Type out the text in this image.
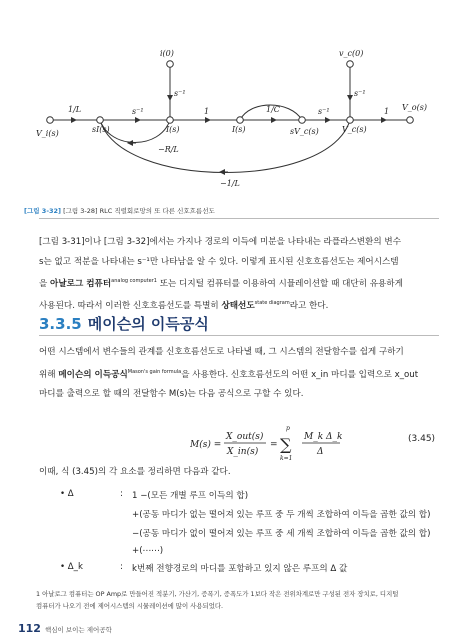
i(0)	v_c(0)
V_i(s)	sI(s)	I(s)	I(s)	sV_c(s)	V_c(s)
V_o(s)
1/L	s⁻¹	1	1/C	s⁻¹	1
s⁻¹	s⁻¹
−R/L
−1/L
[그림 3-32] [그림 3-28] RLC 직렬회로망의 또 다른 신호흐름선도
[그림 3-31]이나 [그림 3-32]에서는 가지나 경로의 이득에 미분을 나타내는 라플라스변환의 변수
s는 없고 적분을 나타내는 s⁻¹만 나타남을 알 수 있다. 이렇게 표시된 신호흐름선도는 제어시스템
을 아날로그 컴퓨터$^{analog computer1}$ 또는 디지털 컴퓨터를 이용하여 시뮬레이션할 때 대단히 유용하게
사용된다. 따라서 이러한 신호흐름선도를 특별히 상태선도$^{state diagram}$라고 한다.
3.3.5 메이슨의 이득공식
어떤 시스템에서 변수들의 관계를 신호흐름선도로 나타낼 때, 그 시스템의 전달함수를 쉽게 구하기
위해 메이슨의 이득공식$^{Mason's gain formula}$을 사용한다. 신호흐름선도의 어떤 x_in 마디를 입력으로 x_out
마디를 출력으로 할 때의 전달함수 M(s)는 다음 공식으로 구할 수 있다.
M(s) =
X_out(s)
X_in(s)
=
p
∑
k=1
M_k Δ_k
Δ
(3.45)
이때, 식 (3.45)의 각 요소를 정리하면 다음과 같다.
• Δ	: 1 −(모든 개별 루프 이득의 합)
+(공동 마디가 없는 떨어져 있는 루프 중 두 개씩 조합하여 이득을 곱한 값의 합)
−(공동 마디가 없이 떨어져 있는 루프 중 세 개씩 조합하여 이득을 곱한 값의 합)
+(⋯⋯)
1 아날로그 컴퓨터는 OP Amp로 만들어진 적분기, 가산기, 증폭기, 증폭도가 1보다 작은 전위차계로만 구성된 전자 장치로, 디지털
컴퓨터가 나오기 전에 제어시스템의 시뮬레이션에 많이 사용되었다.
112 핵심이 보이는 제어공학
• Δ_k	: k번째 전향경로의 마디를 포함하고 있지 않은 루프의 Δ 값
